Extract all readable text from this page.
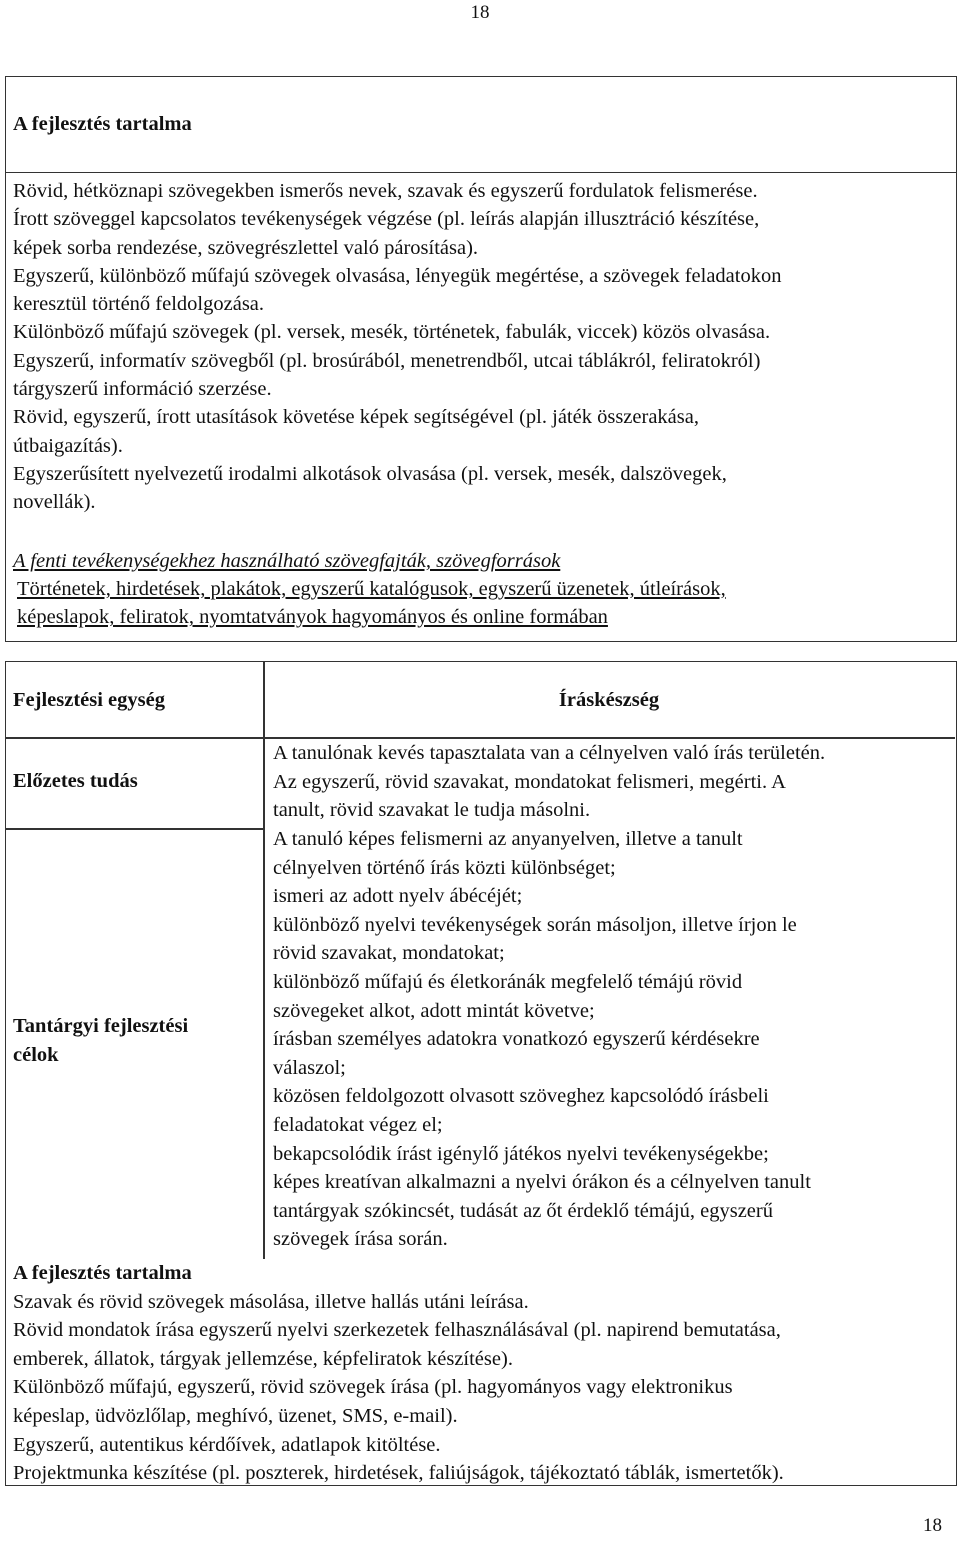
18
A fejlesztés tartalma
Rövid, hétköznapi szövegekben ismerős nevek, szavak és egyszerű fordulatok felismerése.
Írott szöveggel kapcsolatos tevékenységek végzése (pl. leírás alapján illusztráció készítése,
képek sorba rendezése, szövegrészlettel való párosítása).
Egyszerű, különböző műfajú szövegek olvasása, lényegük megértése, a szövegek feladatokon
keresztül történő feldolgozása.
Különböző műfajú szövegek (pl. versek, mesék, történetek, fabulák, viccek) közös olvasása.
Egyszerű, informatív szövegből (pl. brosúrából, menetrendből, utcai táblákról, feliratokról)
tárgyszerű információ szerzése.
Rövid, egyszerű, írott utasítások követése képek segítségével (pl. játék összerakása,
útbaigazítás).
Egyszerűsített nyelvezetű irodalmi alkotások olvasása (pl. versek, mesék, dalszövegek,
novellák).
A fenti tevékenységekhez használható szövegfajták, szövegforrások
Történetek, hirdetések, plakátok, egyszerű katalógusok, egyszerű üzenetek, útleírások,
képeslapok, feliratok, nyomtatványok hagyományos és online formában
Fejlesztési egység	Íráskészség
Előzetes tudás
A tanulónak kevés tapasztalata van a célnyelven való írás területén.
Az egyszerű, rövid szavakat, mondatokat felismeri, megérti. A
tanult, rövid szavakat le tudja másolni.
Tantárgyi fejlesztési
célok
A tanuló képes felismerni az anyanyelven, illetve a tanult
célnyelven történő írás közti különbséget;
ismeri az adott nyelv ábécéjét;
különböző nyelvi tevékenységek során másoljon, illetve írjon le
rövid szavakat, mondatokat;
különböző műfajú és életkoránák megfelelő témájú rövid
szövegeket alkot, adott mintát követve;
írásban személyes adatokra vonatkozó egyszerű kérdésekre
válaszol;
közösen feldolgozott olvasott szöveghez kapcsolódó írásbeli
feladatokat végez el;
bekapcsolódik írást igénylő játékos nyelvi tevékenységekbe;
képes kreatívan alkalmazni a nyelvi órákon és a célnyelven tanult
tantárgyak szókincsét, tudását az őt érdeklő témájú, egyszerű
szövegek írása során.
A fejlesztés tartalma
Szavak és rövid szövegek másolása, illetve hallás utáni leírása.
Rövid mondatok írása egyszerű nyelvi szerkezetek felhasználásával (pl. napirend bemutatása,
emberek, állatok, tárgyak jellemzése, képfeliratok készítése).
Különböző műfajú, egyszerű, rövid szövegek írása (pl. hagyományos vagy elektronikus
képeslap, üdvözlőlap, meghívó, üzenet, SMS, e-mail).
Egyszerű, autentikus kérdőívek, adatlapok kitöltése.
Projektmunka készítése (pl. poszterek, hirdetések, faliújságok, tájékoztató táblák, ismertetők).
18
